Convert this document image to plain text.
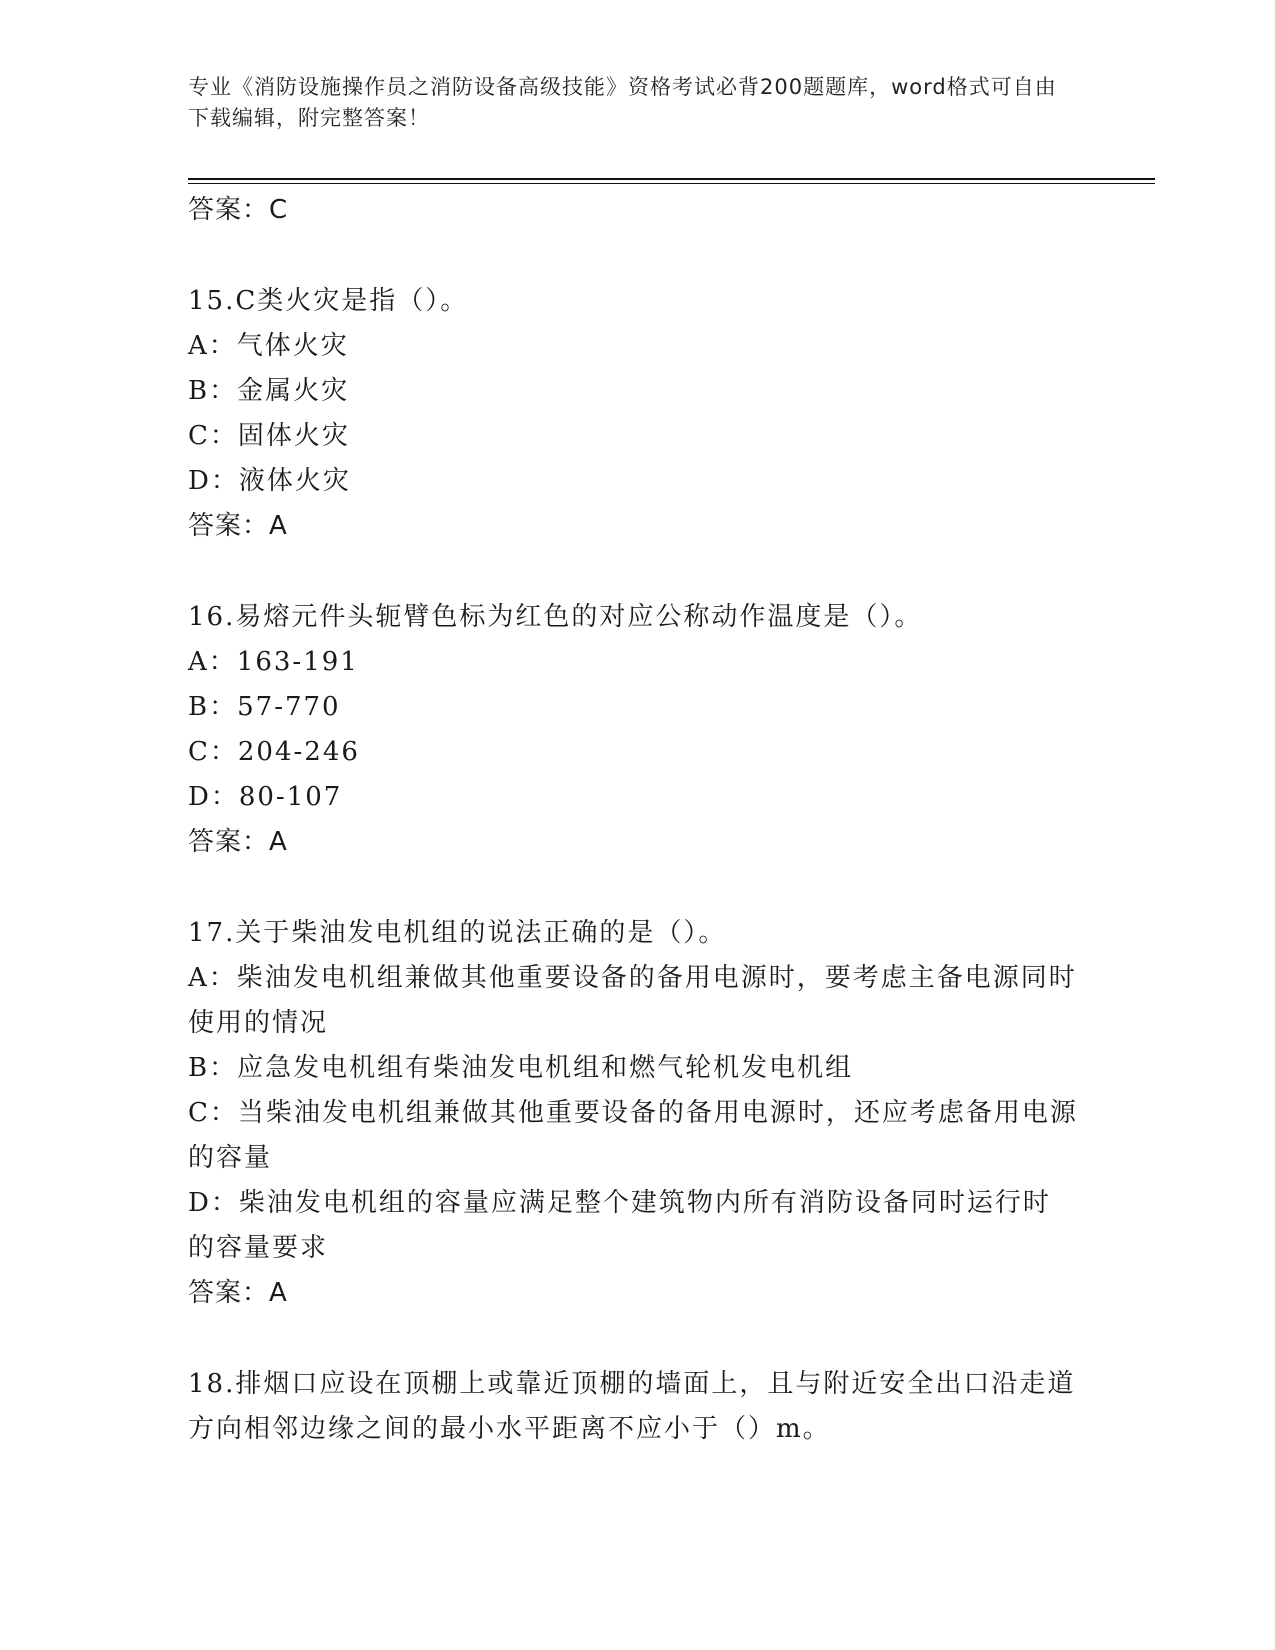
专业《消防设施操作员之消防设备高级技能》资格考试必背200题题库，word格式可自由下载编辑，附完整答案！

答案：C

15.C类火灾是指（）。

A：气体火灾

B：金属火灾

C：固体火灾

D：液体火灾

答案：A

16.易熔元件头轭臂色标为红色的对应公称动作温度是（）。

A：163-191

B：57-770

C：204-246

D：80-107

答案：A

17.关于柴油发电机组的说法正确的是（）。

A：柴油发电机组兼做其他重要设备的备用电源时，要考虑主备电源同时使用的情况

B：应急发电机组有柴油发电机组和燃气轮机发电机组

C：当柴油发电机组兼做其他重要设备的备用电源时，还应考虑备用电源的容量

D：柴油发电机组的容量应满足整个建筑物内所有消防设备同时运行时的容量要求

答案：A

18.排烟口应设在顶棚上或靠近顶棚的墙面上，且与附近安全出口沿走道方向相邻边缘之间的最小水平距离不应小于（）m。
